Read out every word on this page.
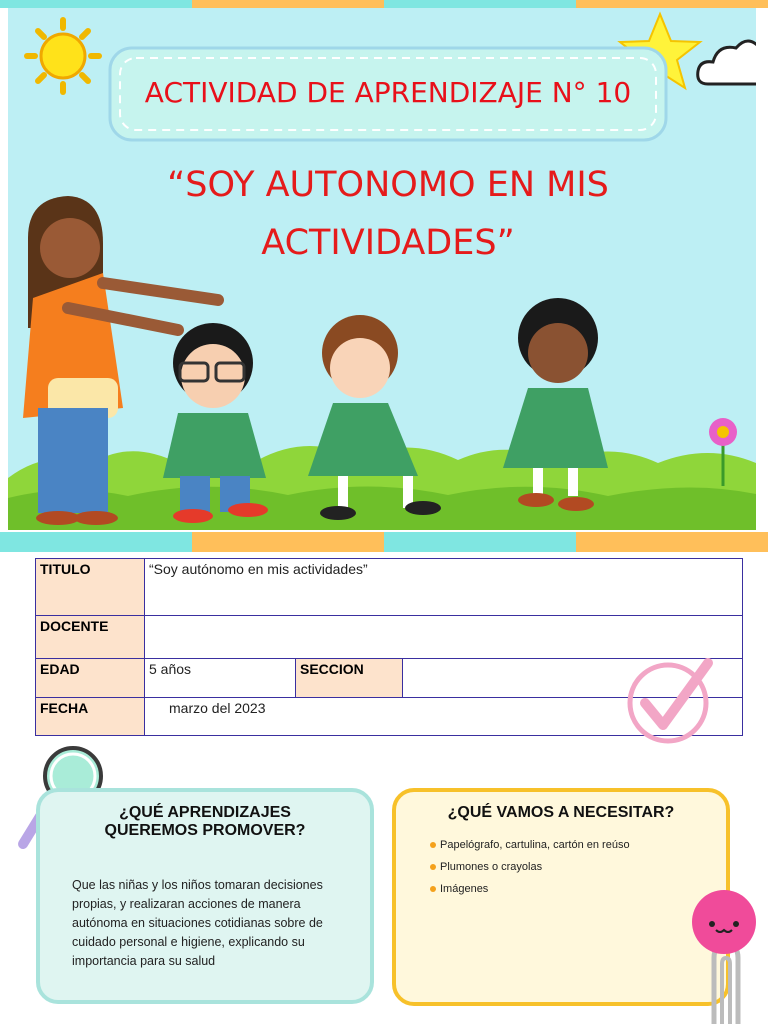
ACTIVIDAD DE APRENDIZAJE N° 10
“SOY AUTONOMO EN MIS
ACTIVIDADES”
TITULO	“Soy autónomo en mis actividades”		
DOCENTE			
EDAD	5 años	SECCION	
FECHA	marzo del 2023		
¿QUÉ APRENDIZAJES
QUEREMOS PROMOVER?

Que las niñas y los niños tomaran decisiones propias, y realizaran acciones de manera autónoma en situaciones cotidianas sobre de cuidado personal e higiene, explicando su importancia para su salud

¿QUÉ VAMOS A NECESITAR?
Papelógrafo, cartulina, cartón en reúso
Plumones o crayolas
Imágenes
